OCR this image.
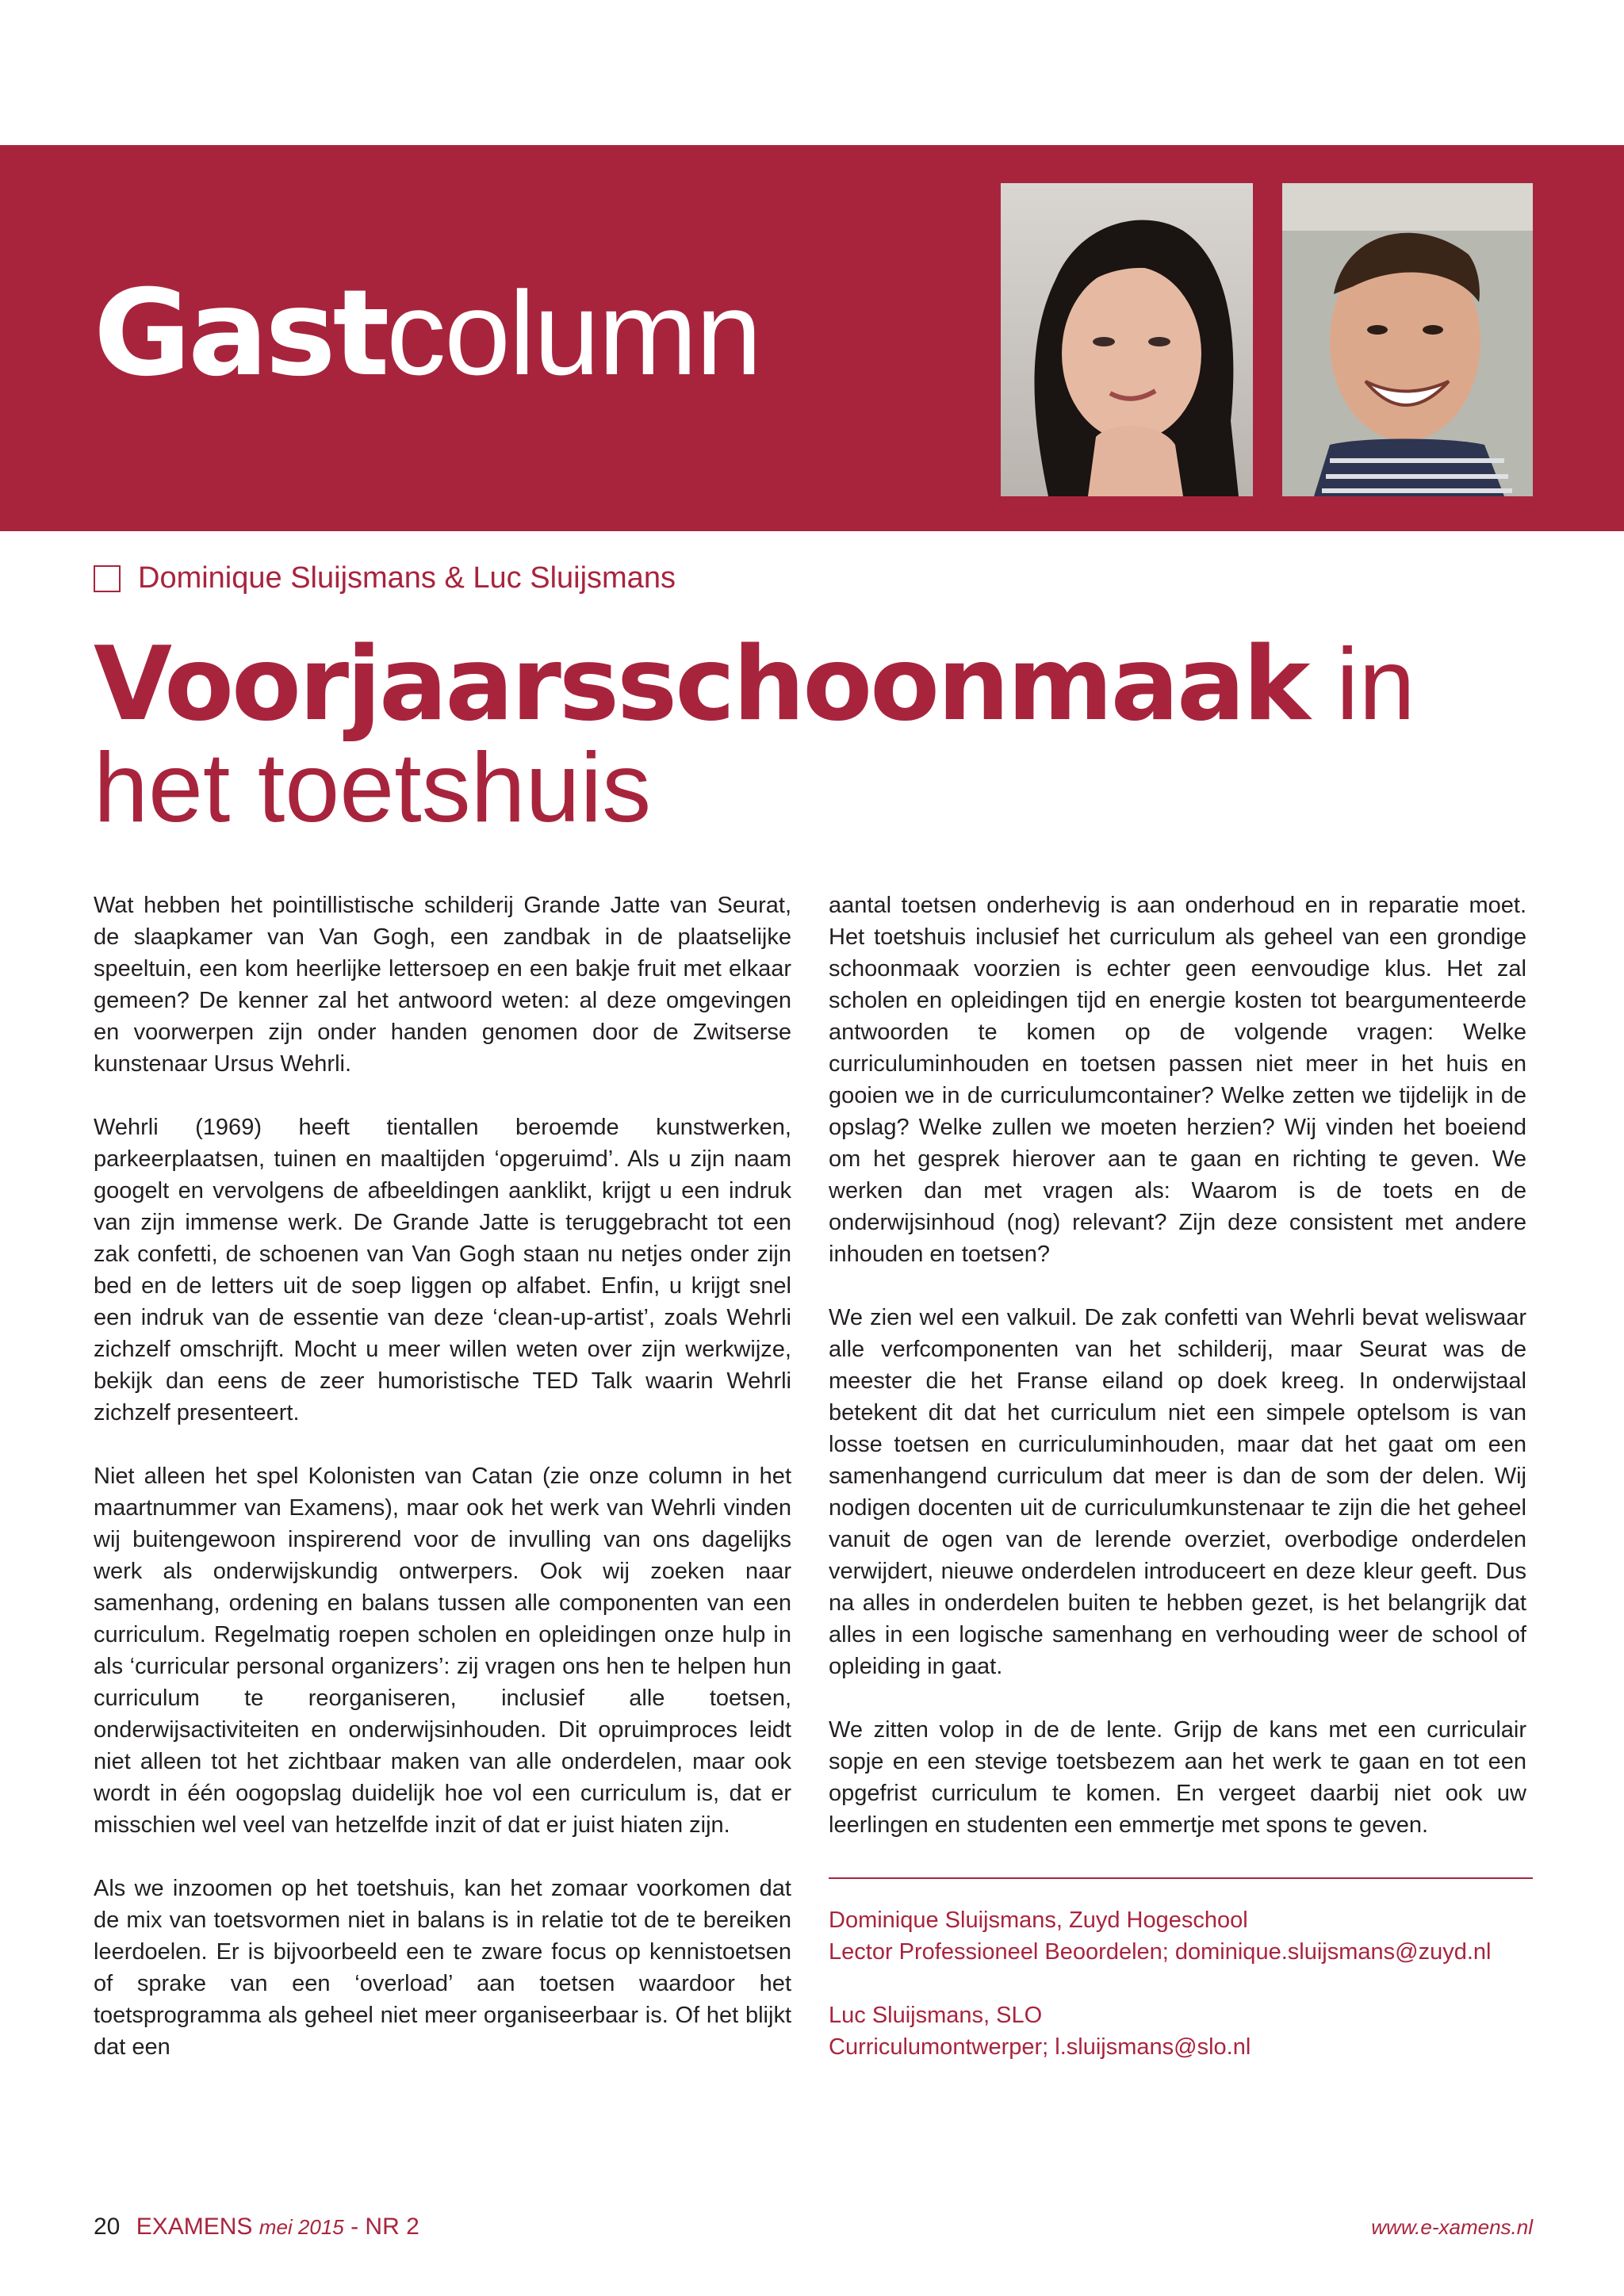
Gastcolumn
Dominique Sluijsmans & Luc Sluijsmans
Voorjaarsschoonmaak in
het toetshuis

Wat hebben het pointillistische schilderij Grande Jatte van Seurat, de slaapkamer van Van Gogh, een zandbak in de plaatselijke speeltuin, een kom heerlijke lettersoep en een bakje fruit met elkaar gemeen? De kenner zal het antwoord weten: al deze omgevingen en voorwerpen zijn onder handen genomen door de Zwitserse kunstenaar Ursus Wehrli.

Wehrli (1969) heeft tientallen beroemde kunstwerken, parkeerplaatsen, tuinen en maaltijden ‘opgeruimd’. Als u zijn naam googelt en vervolgens de afbeeldingen aanklikt, krijgt u een indruk van zijn immense werk. De Grande Jatte is teruggebracht tot een zak confetti, de schoenen van Van Gogh staan nu netjes onder zijn bed en de letters uit de soep liggen op alfabet. Enfin, u krijgt snel een indruk van de essentie van deze ‘clean-up-artist’, zoals Wehrli zichzelf omschrijft. Mocht u meer willen weten over zijn werkwijze, bekijk dan eens de zeer humoristische TED Talk waarin Wehrli zichzelf presenteert.

Niet alleen het spel Kolonisten van Catan (zie onze column in het maartnummer van Examens), maar ook het werk van Wehrli vinden wij buitengewoon inspirerend voor de invulling van ons dagelijks werk als onderwijskundig ontwerpers. Ook wij zoeken naar samenhang, ordening en balans tussen alle componenten van een curriculum. Regelmatig roepen scholen en opleidingen onze hulp in als ‘curricular personal organizers’: zij vragen ons hen te helpen hun curriculum te reorganiseren, inclusief alle toetsen, onderwijsactiviteiten en onderwijsinhouden. Dit opruimproces leidt niet alleen tot het zichtbaar maken van alle onderdelen, maar ook wordt in één oogopslag duidelijk hoe vol een curriculum is, dat er misschien wel veel van hetzelfde inzit of dat er juist hiaten zijn.

Als we inzoomen op het toetshuis, kan het zomaar voorkomen dat de mix van toetsvormen niet in balans is in relatie tot de te bereiken leerdoelen. Er is bijvoorbeeld een te zware focus op kennistoetsen of sprake van een ‘overload’ aan toetsen waardoor het toetsprogramma als geheel niet meer organiseerbaar is. Of het blijkt dat een

aantal toetsen onderhevig is aan onderhoud en in reparatie moet. Het toetshuis inclusief het curriculum als geheel van een grondige schoonmaak voorzien is echter geen eenvoudige klus. Het zal scholen en opleidingen tijd en energie kosten tot beargumenteerde antwoorden te komen op de volgende vragen: Welke curriculuminhouden en toetsen passen niet meer in het huis en gooien we in de curriculumcontainer? Welke zetten we tijdelijk in de opslag? Welke zullen we moeten herzien? Wij vinden het boeiend om het gesprek hierover aan te gaan en richting te geven. We werken dan met vragen als: Waarom is de toets en de onderwijsinhoud (nog) relevant? Zijn deze consistent met andere inhouden en toetsen?

We zien wel een valkuil. De zak confetti van Wehrli bevat weliswaar alle verfcomponenten van het schilderij, maar Seurat was de meester die het Franse eiland op doek kreeg. In onderwijstaal betekent dit dat het curriculum niet een simpele optelsom is van losse toetsen en curriculuminhouden, maar dat het gaat om een samenhangend curriculum dat meer is dan de som der delen. Wij nodigen docenten uit de curriculumkunstenaar te zijn die het geheel vanuit de ogen van de lerende overziet, overbodige onderdelen verwijdert, nieuwe onderdelen introduceert en deze kleur geeft. Dus na alles in onderdelen buiten te hebben gezet, is het belangrijk dat alles in een logische samenhang en verhouding weer de school of opleiding in gaat.

We zitten volop in de de lente. Grijp de kans met een curriculair sopje en een stevige toetsbezem aan het werk te gaan en tot een opgefrist curriculum te komen. En vergeet daarbij niet ook uw leerlingen en studenten een emmertje met spons te geven.

Dominique Sluijsmans, Zuyd Hogeschool
Lector Professioneel Beoordelen; dominique.sluijsmans@zuyd.nl
Luc Sluijsmans, SLO
Curriculumontwerper; l.sluijsmans@slo.nl
20 EXAMENS mei 2015 - NR 2	www.e-xamens.nl
